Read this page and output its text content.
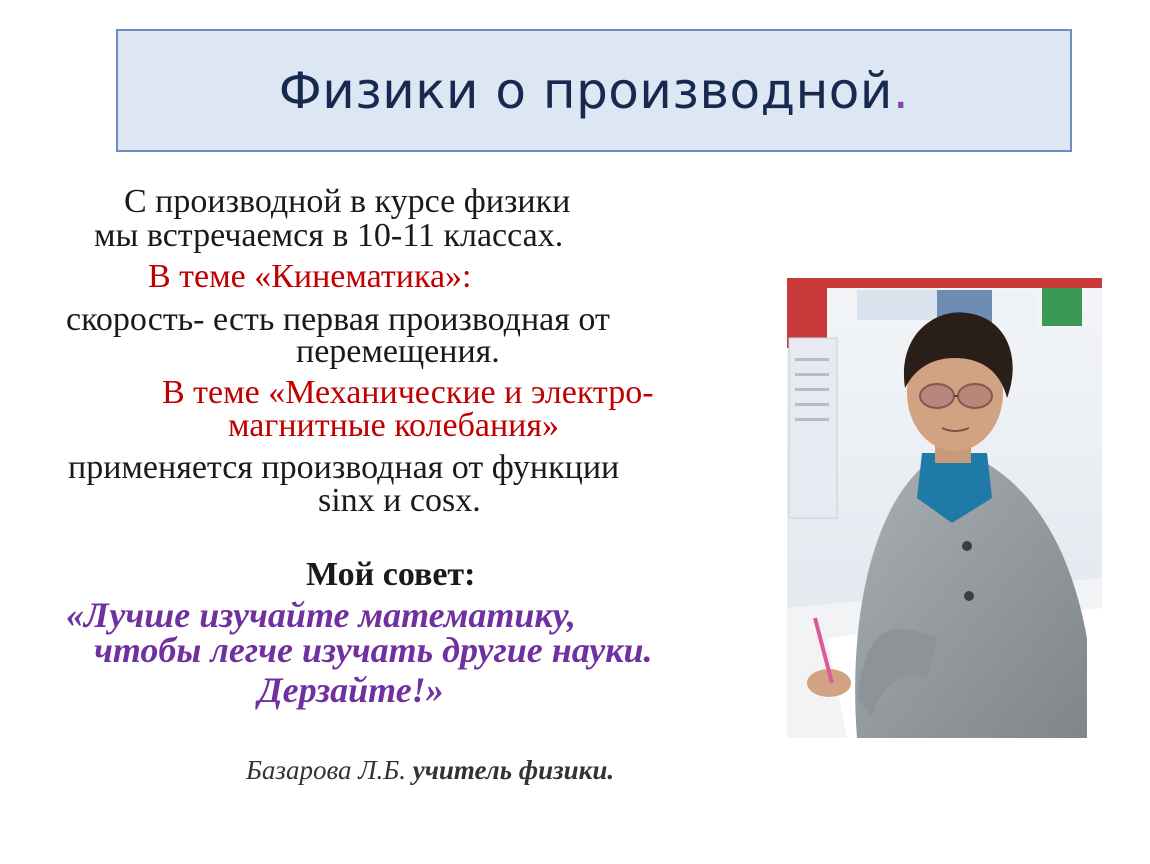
Физики о производной.
С производной в курсе физики
мы встречаемся в 10-11 классах.
В теме «Кинематика»:
скорость- есть первая производная от
перемещения.
В теме «Механические и электро-
магнитные колебания»
применяется производная от функции
sinx и cosx.
Мой совет:
«Лучше изучайте математику,
чтобы легче изучать другие науки.
Дерзайте!»
Базарова Л.Б. учитель физики.
